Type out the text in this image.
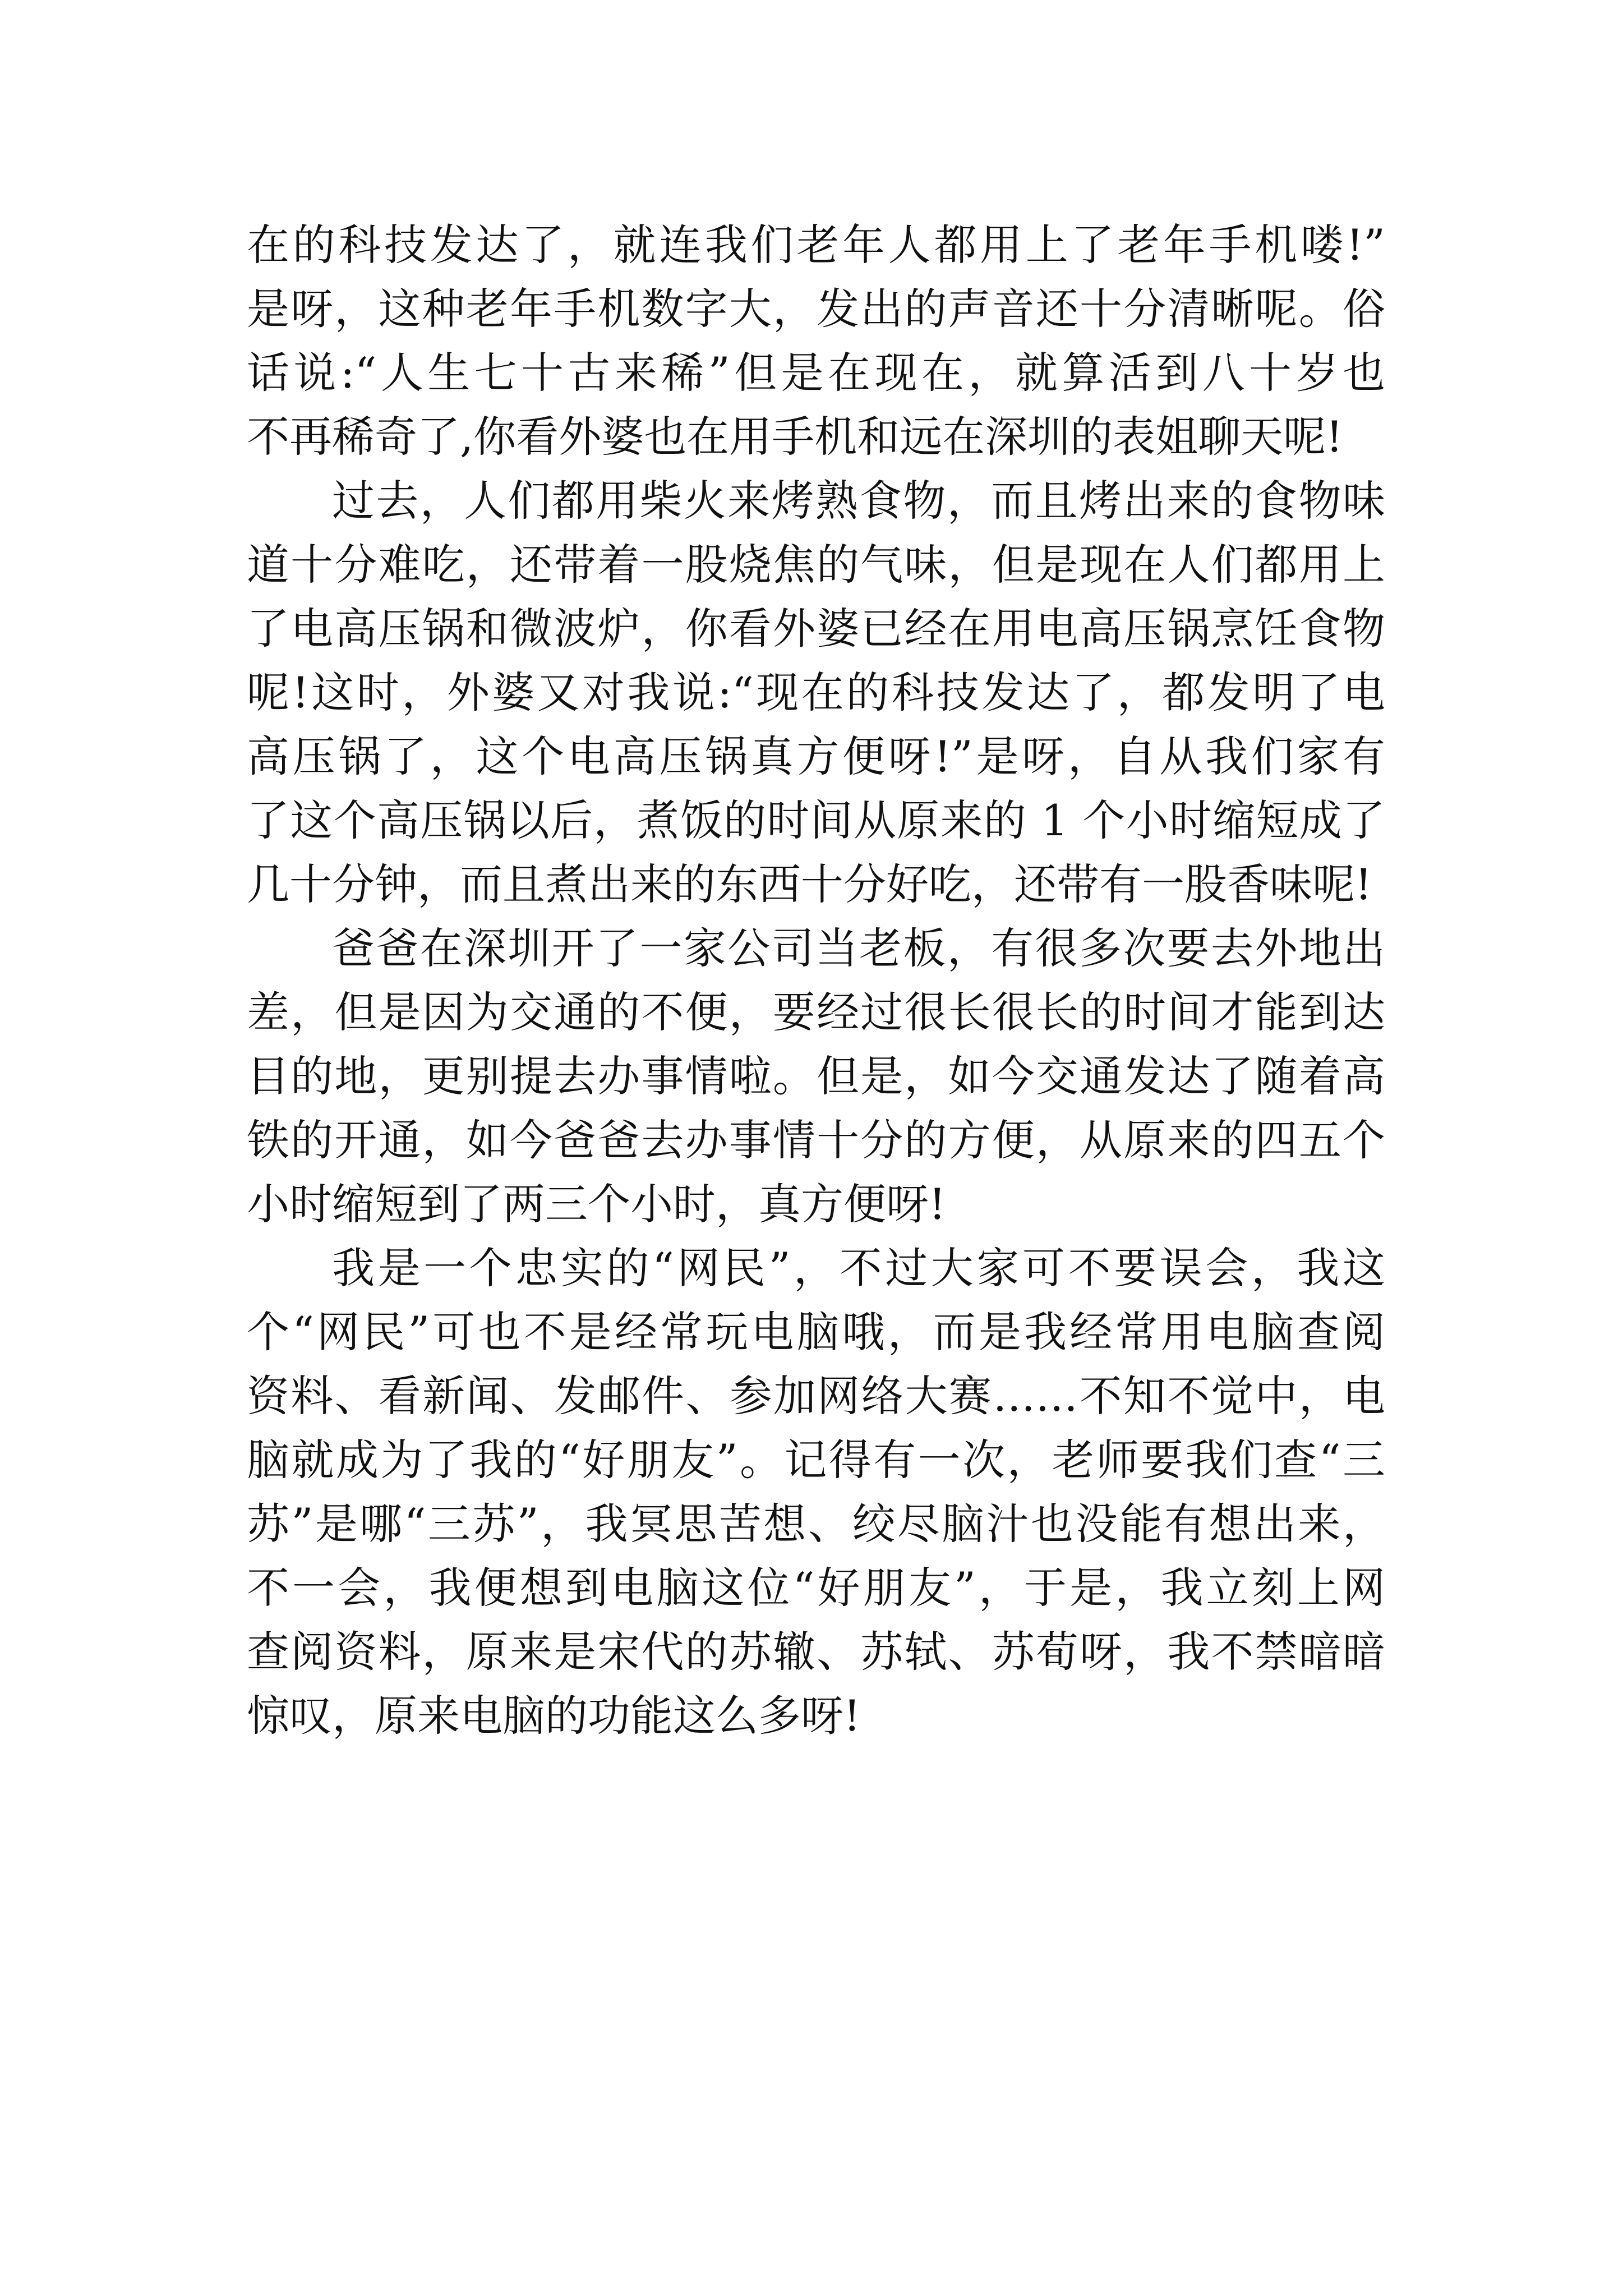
在的科技发达了，就连我们老年人都用上了老年手机喽!”
是呀，这种老年手机数字大，发出的声音还十分清晰呢。俗
话说:“人生七十古来稀”但是在现在，就算活到八十岁也
不再稀奇了,你看外婆也在用手机和远在深圳的表姐聊天呢!
过去，人们都用柴火来烤熟食物，而且烤出来的食物味
道十分难吃，还带着一股烧焦的气味，但是现在人们都用上
了电高压锅和微波炉，你看外婆已经在用电高压锅烹饪食物
呢!这时，外婆又对我说:“现在的科技发达了，都发明了电
高压锅了，这个电高压锅真方便呀!”是呀，自从我们家有
了这个高压锅以后，煮饭的时间从原来的 1 个小时缩短成了
几十分钟，而且煮出来的东西十分好吃，还带有一股香味呢!
爸爸在深圳开了一家公司当老板，有很多次要去外地出
差，但是因为交通的不便，要经过很长很长的时间才能到达
目的地，更别提去办事情啦。但是，如今交通发达了随着高
铁的开通，如今爸爸去办事情十分的方便，从原来的四五个
小时缩短到了两三个小时，真方便呀!
我是一个忠实的“网民”，不过大家可不要误会，我这
个“网民”可也不是经常玩电脑哦，而是我经常用电脑查阅
资料、看新闻、发邮件、参加网络大赛……不知不觉中，电
脑就成为了我的“好朋友”。记得有一次，老师要我们查“三
苏”是哪“三苏”，我冥思苦想、绞尽脑汁也没能有想出来，
不一会，我便想到电脑这位“好朋友”，于是，我立刻上网
查阅资料，原来是宋代的苏辙、苏轼、苏荀呀，我不禁暗暗
惊叹，原来电脑的功能这么多呀!
